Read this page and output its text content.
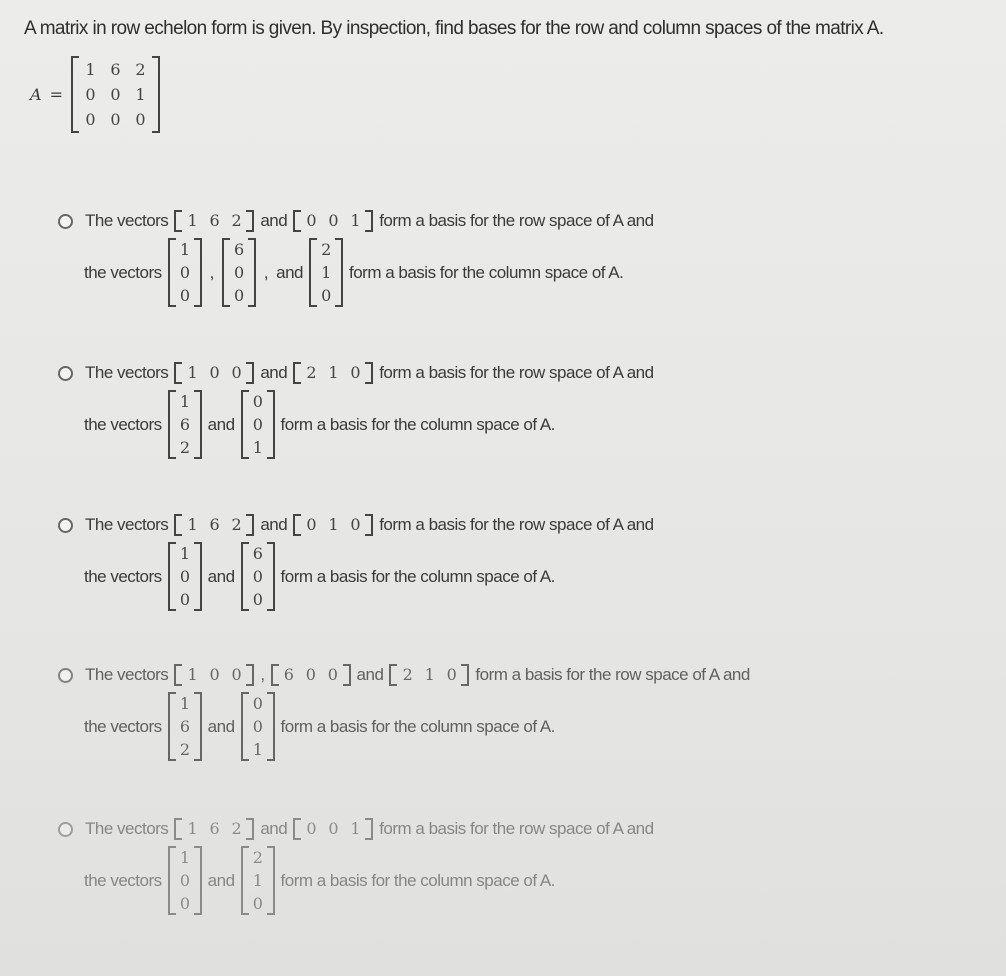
A matrix in row echelon form is given. By inspection, find bases for the row and column spaces of the matrix A.
A =
1 6 2
0 0 1
0 0 0
The vectors	1 6 2	and	0 0 1	form a basis for the row space of A and
the vectors
1
0
0
,
6
0
0
, and
2
1
0
form a basis for the column space of A.
The vectors	1 0 0	and	2 1 0	form a basis for the row space of A and
the vectors
1
6
2
and
0
0
1
form a basis for the column space of A.
The vectors	1 6 2	and	0 1 0	form a basis for the row space of A and
the vectors
1
0
0
and
6
0
0
form a basis for the column space of A.
The vectors	1 0 0	,	6 0 0	and	2 1 0	form a basis for the row space of A and
the vectors
1
6
2
and
0
0
1
form a basis for the column space of A.
The vectors	1 6 2	and	0 0 1	form a basis for the row space of A and
the vectors
1
0
0
and
2
1
0
form a basis for the column space of A.
